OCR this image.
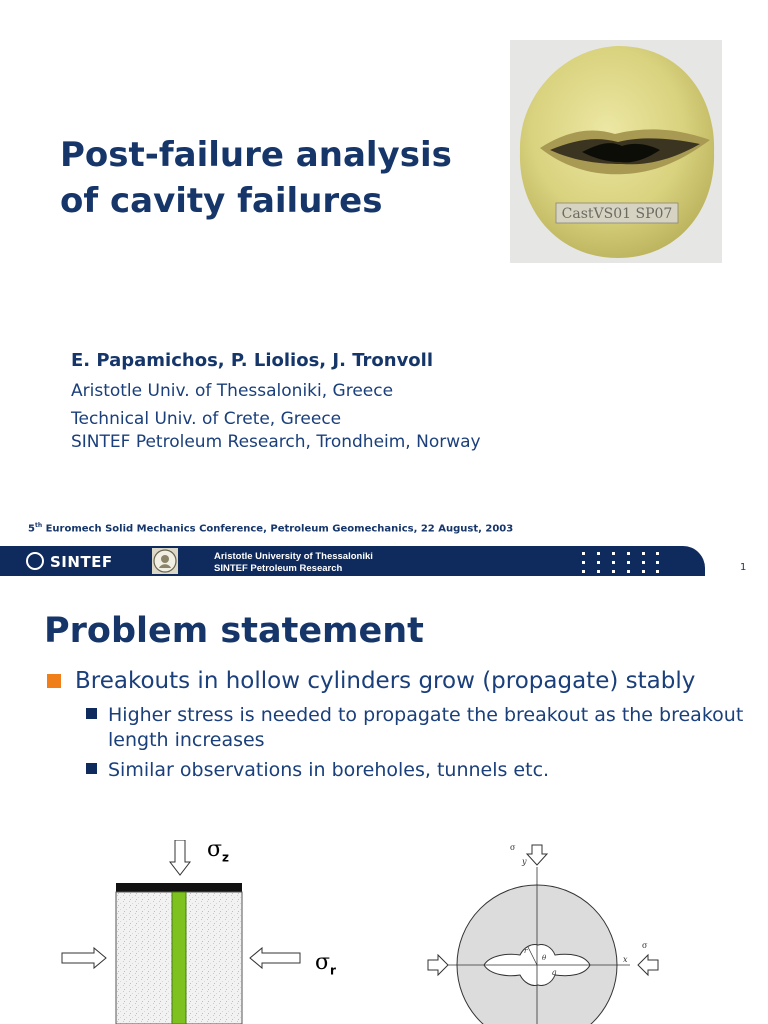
Post-failure analysis
of cavity failures	CastVS01 SP07
E. Papamichos, P. Liolios, J. Tronvoll
Aristotle Univ. of Thessaloniki, Greece
Technical Univ. of Crete, Greece
SINTEF Petroleum Research, Trondheim, Norway
5th Euromech Solid Mechanics Conference, Petroleum Geomechanics, 22 August, 2003
SINTEF	Aristotle University of Thessaloniki
SINTEF Petroleum Research	1
Problem statement
Breakouts in hollow cylinders grow (propagate) stably
Higher stress is needed to propagate the breakout as the breakout length increases
Similar observations in boreholes, tunnels etc.
$\sigma_z$
$\sigma_r$
σ
σ
x
y
a
r
θ
